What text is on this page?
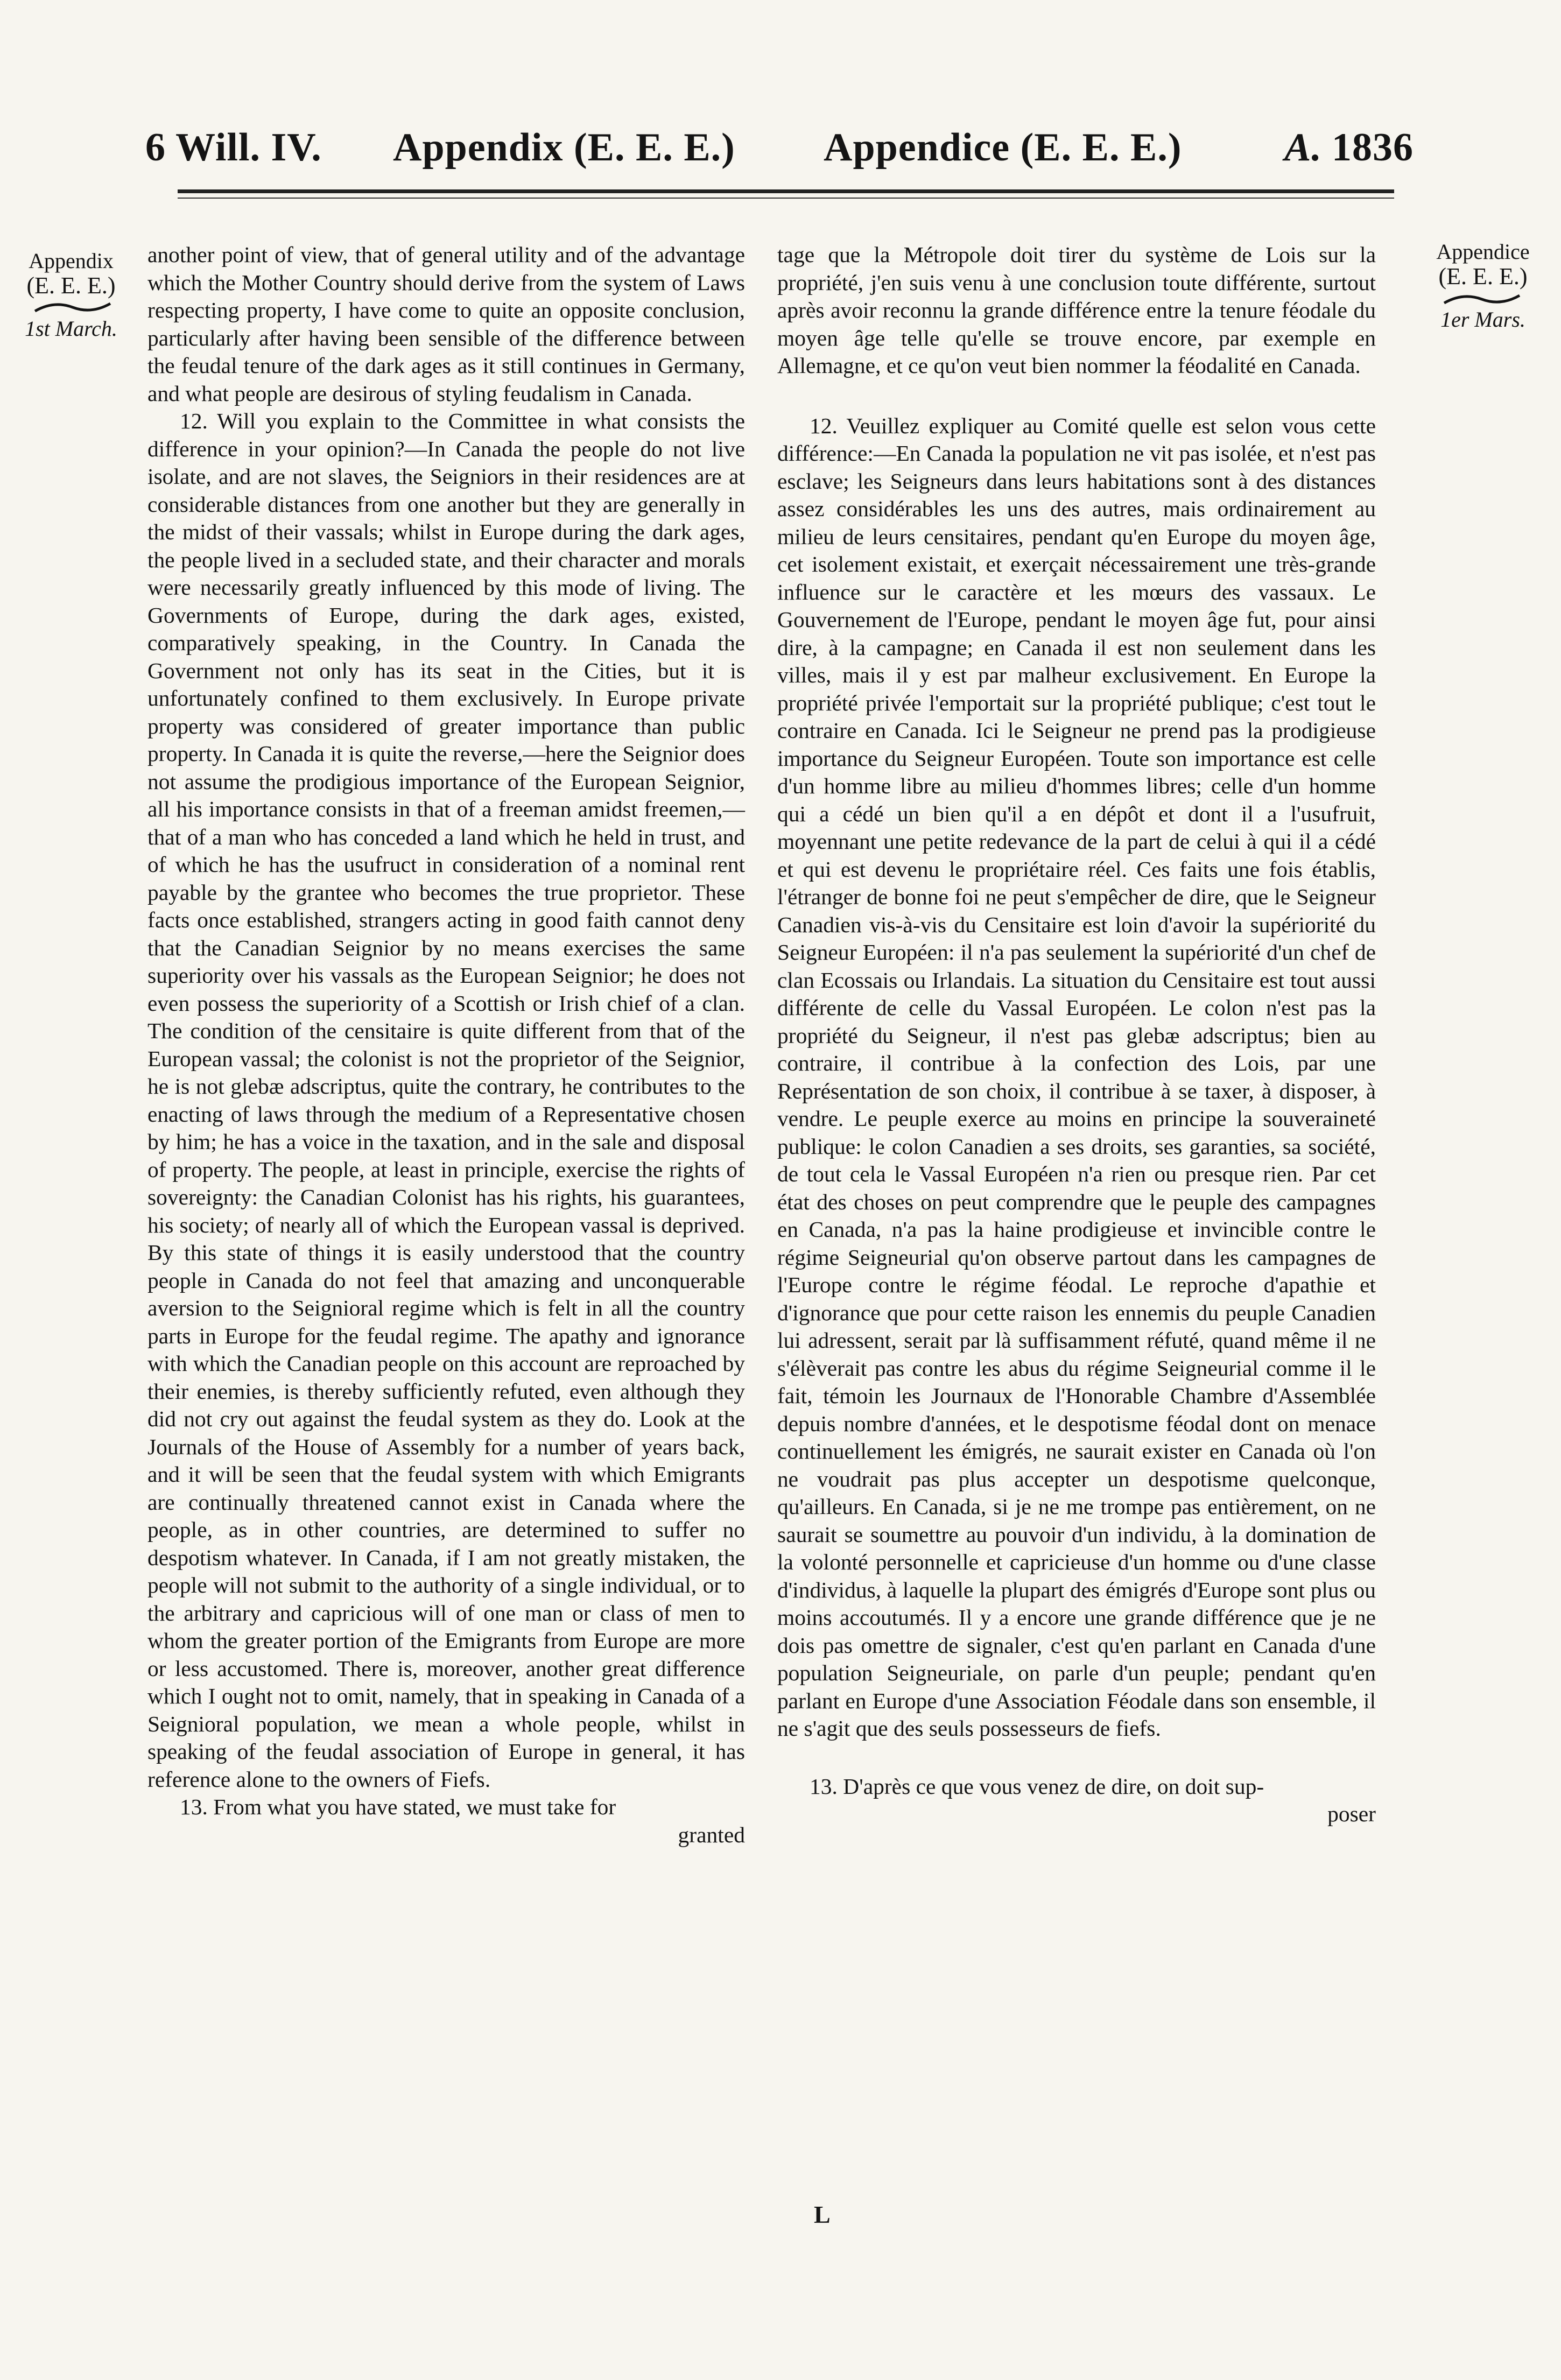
6 Will. IV. Appendix (E. E. E.) Appendice (E. E. E.)	A. 1836
Appendix
(E. E. E.)
1st March.
Appendice
(E. E. E.)
1er Mars.

another point of view, that of general utility and of the advantage which the Mother Country should derive from the system of Laws respecting property, I have come to quite an opposite conclusion, particularly after having been sensible of the difference between the feudal tenure of the dark ages as it still continues in Germany, and what people are desirous of styling feudalism in Canada.

12. Will you explain to the Committee in what consists the difference in your opinion?—In Canada the people do not live isolate, and are not slaves, the Seigniors in their residences are at considerable distances from one another but they are generally in the midst of their vassals; whilst in Europe during the dark ages, the people lived in a secluded state, and their character and morals were necessarily greatly influenced by this mode of living. The Governments of Europe, during the dark ages, existed, comparatively speaking, in the Country. In Canada the Government not only has its seat in the Cities, but it is unfortunately confined to them exclusively. In Europe private property was considered of greater importance than public property. In Canada it is quite the reverse,—here the Seignior does not assume the prodigious importance of the European Seignior, all his importance consists in that of a freeman amidst freemen,—that of a man who has conceded a land which he held in trust, and of which he has the usufruct in consideration of a nominal rent payable by the grantee who becomes the true proprietor. These facts once established, strangers acting in good faith cannot deny that the Canadian Seignior by no means exercises the same superiority over his vassals as the European Seignior; he does not even possess the superiority of a Scottish or Irish chief of a clan. The condition of the censitaire is quite different from that of the European vassal; the colonist is not the proprietor of the Seignior, he is not glebæ adscriptus, quite the contrary, he contributes to the enacting of laws through the medium of a Representative chosen by him; he has a voice in the taxation, and in the sale and disposal of property. The people, at least in principle, exercise the rights of sovereignty: the Canadian Colonist has his rights, his guarantees, his society; of nearly all of which the European vassal is deprived. By this state of things it is easily understood that the country people in Canada do not feel that amazing and unconquerable aversion to the Seignioral regime which is felt in all the country parts in Europe for the feudal regime. The apathy and ignorance with which the Canadian people on this account are reproached by their enemies, is thereby sufficiently refuted, even although they did not cry out against the feudal system as they do. Look at the Journals of the House of Assembly for a number of years back, and it will be seen that the feudal system with which Emigrants are continually threatened cannot exist in Canada where the people, as in other countries, are determined to suffer no despotism whatever. In Canada, if I am not greatly mistaken, the people will not submit to the authority of a single individual, or to the arbitrary and capricious will of one man or class of men to whom the greater portion of the Emigrants from Europe are more or less accustomed. There is, moreover, another great difference which I ought not to omit, namely, that in speaking in Canada of a Seignioral population, we mean a whole people, whilst in speaking of the feudal association of Europe in general, it has reference alone to the owners of Fiefs.

13. From what you have stated, we must take for

granted

tage que la Métropole doit tirer du système de Lois sur la propriété, j'en suis venu à une conclusion toute différente, surtout après avoir reconnu la grande différence entre la tenure féodale du moyen âge telle qu'elle se trouve encore, par exemple en Allemagne, et ce qu'on veut bien nommer la féodalité en Canada.

12. Veuillez expliquer au Comité quelle est selon vous cette différence:—En Canada la population ne vit pas isolée, et n'est pas esclave; les Seigneurs dans leurs habitations sont à des distances assez considérables les uns des autres, mais ordinairement au milieu de leurs censitaires, pendant qu'en Europe du moyen âge, cet isolement existait, et exerçait nécessairement une très-grande influence sur le caractère et les mœurs des vassaux. Le Gouvernement de l'Europe, pendant le moyen âge fut, pour ainsi dire, à la campagne; en Canada il est non seulement dans les villes, mais il y est par malheur exclusivement. En Europe la propriété privée l'emportait sur la propriété publique; c'est tout le contraire en Canada. Ici le Seigneur ne prend pas la prodigieuse importance du Seigneur Européen. Toute son importance est celle d'un homme libre au milieu d'hommes libres; celle d'un homme qui a cédé un bien qu'il a en dépôt et dont il a l'usufruit, moyennant une petite redevance de la part de celui à qui il a cédé et qui est devenu le propriétaire réel. Ces faits une fois établis, l'étranger de bonne foi ne peut s'empêcher de dire, que le Seigneur Canadien vis-à-vis du Censitaire est loin d'avoir la supériorité du Seigneur Européen: il n'a pas seulement la supériorité d'un chef de clan Ecossais ou Irlandais. La situation du Censitaire est tout aussi différente de celle du Vassal Européen. Le colon n'est pas la propriété du Seigneur, il n'est pas glebæ adscriptus; bien au contraire, il contribue à la confection des Lois, par une Représentation de son choix, il contribue à se taxer, à disposer, à vendre. Le peuple exerce au moins en principe la souveraineté publique: le colon Canadien a ses droits, ses garanties, sa société, de tout cela le Vassal Européen n'a rien ou presque rien. Par cet état des choses on peut comprendre que le peuple des campagnes en Canada, n'a pas la haine prodigieuse et invincible contre le régime Seigneurial qu'on observe partout dans les campagnes de l'Europe contre le régime féodal. Le reproche d'apathie et d'ignorance que pour cette raison les ennemis du peuple Canadien lui adressent, serait par là suffisamment réfuté, quand même il ne s'élèverait pas contre les abus du régime Seigneurial comme il le fait, témoin les Journaux de l'Honorable Chambre d'Assemblée depuis nombre d'années, et le despotisme féodal dont on menace continuellement les émigrés, ne saurait exister en Canada où l'on ne voudrait pas plus accepter un despotisme quelconque, qu'ailleurs. En Canada, si je ne me trompe pas entièrement, on ne saurait se soumettre au pouvoir d'un individu, à la domination de la volonté personnelle et capricieuse d'un homme ou d'une classe d'individus, à laquelle la plupart des émigrés d'Europe sont plus ou moins accoutumés. Il y a encore une grande différence que je ne dois pas omettre de signaler, c'est qu'en parlant en Canada d'une population Seigneuriale, on parle d'un peuple; pendant qu'en parlant en Europe d'une Association Féodale dans son ensemble, il ne s'agit que des seuls possesseurs de fiefs.

13. D'après ce que vous venez de dire, on doit sup-

poser

L
